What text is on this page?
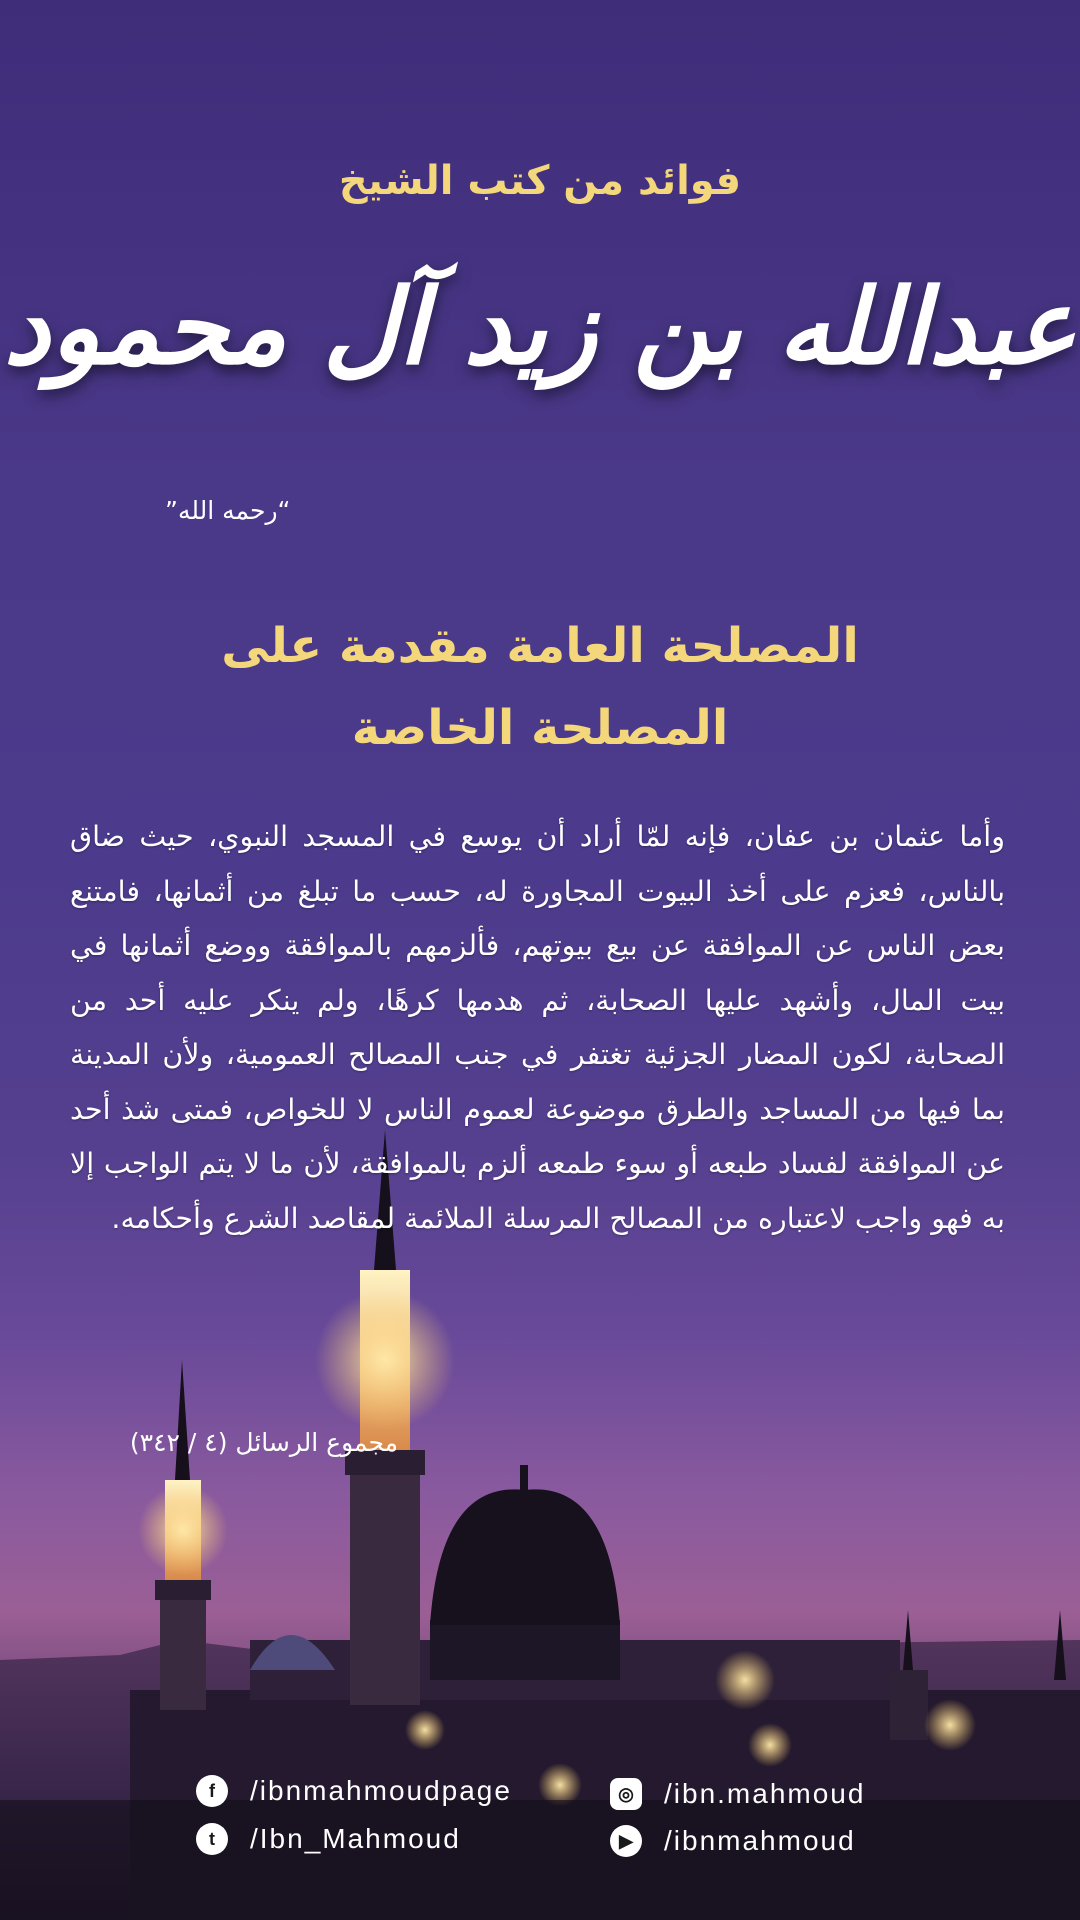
فوائد من كتب الشيخ
عبدالله بن زيد آل محمود
“رحمه الله”
المصلحة العامة مقدمة على
المصلحة الخاصة
وأما عثمان بن عفان، فإنه لمّا أراد أن يوسع في المسجد النبوي، حيث ضاق بالناس، فعزم على أخذ البيوت المجاورة له، حسب ما تبلغ من أثمانها، فامتنع بعض الناس عن الموافقة عن بيع بيوتهم، فألزمهم بالموافقة ووضع أثمانها في بيت المال، وأشهد عليها الصحابة، ثم هدمها كرهًا، ولم ينكر عليه أحد من الصحابة، لكون المضار الجزئية تغتفر في جنب المصالح العمومية، ولأن المدينة بما فيها من المساجد والطرق موضوعة لعموم الناس لا للخواص، فمتى شذ أحد عن الموافقة لفساد طبعه أو سوء طمعه ألزم بالموافقة، لأن ما لا يتم الواجب إلا به فهو واجب لاعتباره من المصالح المرسلة الملائمة لمقاصد الشرع وأحكامه.
مجموع الرسائل (٤ / ٣٤٢)
f	/ibnmahmoudpage
t	/Ibn_Mahmoud
◎ /ibn.mahmoud
▶	/ibnmahmoud
